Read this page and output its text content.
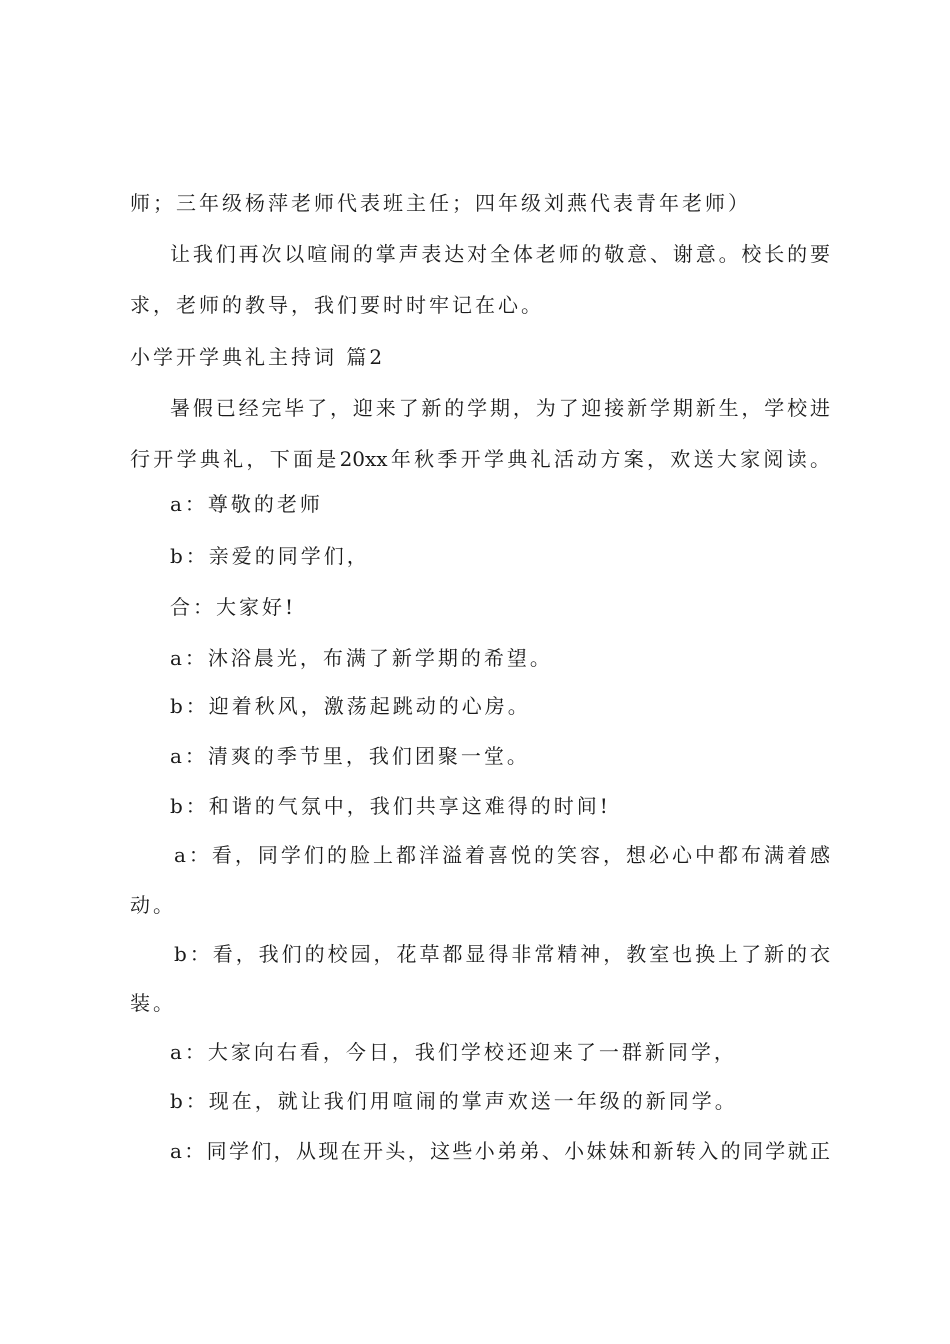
师；三年级杨萍老师代表班主任；四年级刘燕代表青年老师）
让我们再次以喧闹的掌声表达对全体老师的敬意、谢意。校长的要
求，老师的教导，我们要时时牢记在心。
小学开学典礼主持词 篇2
暑假已经完毕了，迎来了新的学期，为了迎接新学期新生，学校进
行开学典礼，下面是20xx年秋季开学典礼活动方案，欢送大家阅读。
a：尊敬的老师
b：亲爱的同学们，
合：大家好!
a：沐浴晨光，布满了新学期的希望。
b：迎着秋风，激荡起跳动的心房。
a：清爽的季节里，我们团聚一堂。
b：和谐的气氛中，我们共享这难得的时间!
a：看，同学们的脸上都洋溢着喜悦的笑容，想必心中都布满着感
动。
b：看，我们的校园，花草都显得非常精神，教室也换上了新的衣
装。
a：大家向右看，今日，我们学校还迎来了一群新同学，
b：现在，就让我们用喧闹的掌声欢送一年级的新同学。
a：同学们，从现在开头，这些小弟弟、小妹妹和新转入的同学就正
